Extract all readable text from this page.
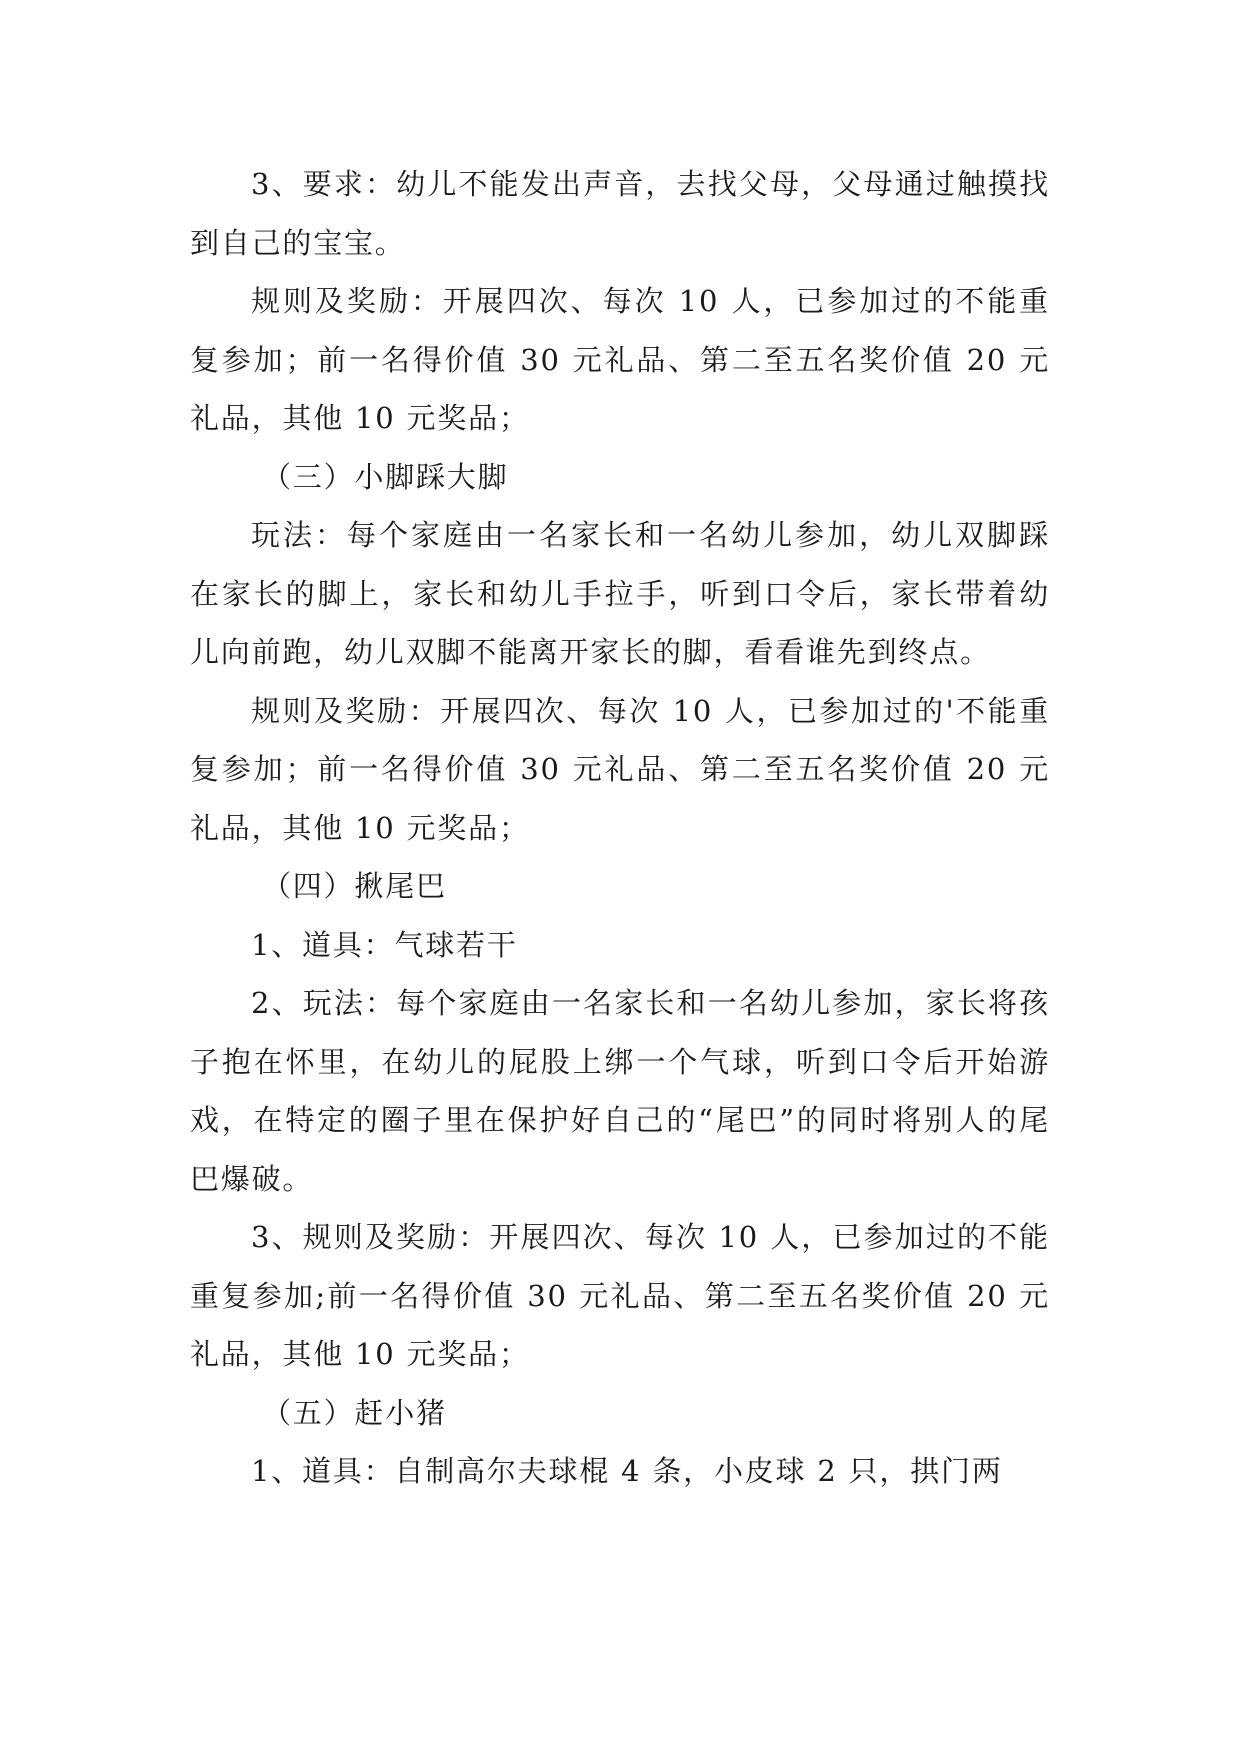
3、要求：幼儿不能发出声音，去找父母，父母通过触摸找到自己的宝宝。

规则及奖励：开展四次、每次 10 人，已参加过的不能重复参加；前一名得价值 30 元礼品、第二至五名奖价值 20 元礼品，其他 10 元奖品；

（三）小脚踩大脚

玩法：每个家庭由一名家长和一名幼儿参加，幼儿双脚踩在家长的脚上，家长和幼儿手拉手，听到口令后，家长带着幼儿向前跑，幼儿双脚不能离开家长的脚，看看谁先到终点。

规则及奖励：开展四次、每次 10 人，已参加过的'不能重复参加；前一名得价值 30 元礼品、第二至五名奖价值 20 元礼品，其他 10 元奖品；

（四）揪尾巴

1、道具：气球若干

2、玩法：每个家庭由一名家长和一名幼儿参加，家长将孩子抱在怀里，在幼儿的屁股上绑一个气球，听到口令后开始游戏，在特定的圈子里在保护好自己的“尾巴”的同时将别人的尾巴爆破。

3、规则及奖励：开展四次、每次 10 人，已参加过的不能重复参加;前一名得价值 30 元礼品、第二至五名奖价值 20 元礼品，其他 10 元奖品；

（五）赶小猪

1、道具：自制高尔夫球棍 4 条，小皮球 2 只，拱门两
